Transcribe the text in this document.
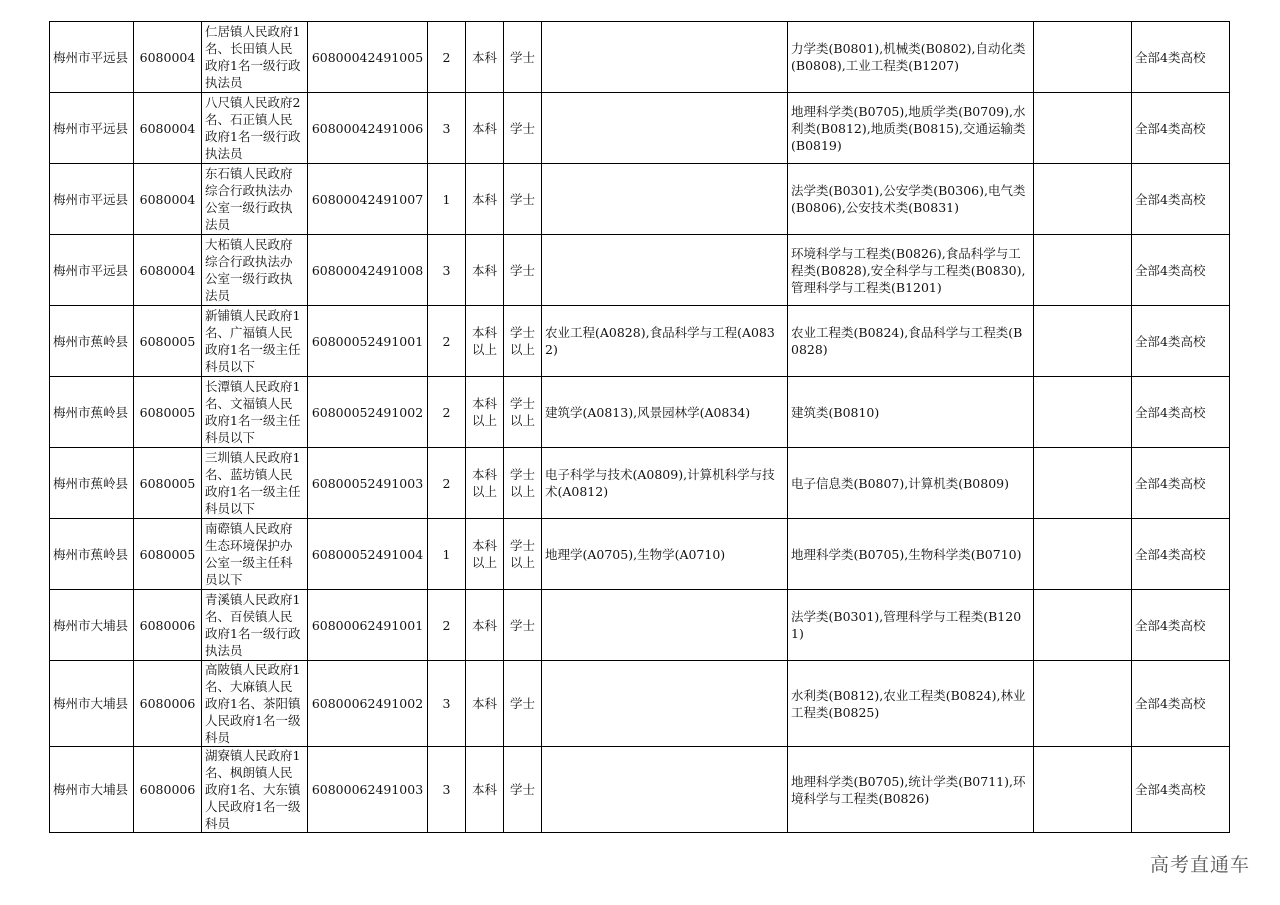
梅州市平远县	6080004	仁居镇人民政府1名、长田镇人民政府1名一级行政执法员	60800042491005	2	本科	学士		力学类(B0801),机械类(B0802),自动化类(B0808),工业工程类(B1207)		全部4类高校
梅州市平远县	6080004	八尺镇人民政府2名、石正镇人民政府1名一级行政执法员	60800042491006	3	本科	学士		地理科学类(B0705),地质学类(B0709),水利类(B0812),地质类(B0815),交通运输类(B0819)		全部4类高校
梅州市平远县	6080004	东石镇人民政府综合行政执法办公室一级行政执法员	60800042491007	1	本科	学士		法学类(B0301),公安学类(B0306),电气类(B0806),公安技术类(B0831)		全部4类高校
梅州市平远县	6080004	大柘镇人民政府综合行政执法办公室一级行政执法员	60800042491008	3	本科	学士		环境科学与工程类(B0826),食品科学与工程类(B0828),安全科学与工程类(B0830),管理科学与工程类(B1201)		全部4类高校
梅州市蕉岭县	6080005	新铺镇人民政府1名、广福镇人民政府1名一级主任科员以下	60800052491001	2	本科以上	学士以上	农业工程(A0828),食品科学与工程(A0832)	农业工程类(B0824),食品科学与工程类(B0828)		全部4类高校
梅州市蕉岭县	6080005	长潭镇人民政府1名、文福镇人民政府1名一级主任科员以下	60800052491002	2	本科以上	学士以上	建筑学(A0813),风景园林学(A0834)	建筑类(B0810)		全部4类高校
梅州市蕉岭县	6080005	三圳镇人民政府1名、蓝坊镇人民政府1名一级主任科员以下	60800052491003	2	本科以上	学士以上	电子科学与技术(A0809),计算机科学与技术(A0812)	电子信息类(B0807),计算机类(B0809)		全部4类高校
梅州市蕉岭县	6080005	南磜镇人民政府生态环境保护办公室一级主任科员以下	60800052491004	1	本科以上	学士以上	地理学(A0705),生物学(A0710)	地理科学类(B0705),生物科学类(B0710)		全部4类高校
梅州市大埔县	6080006	青溪镇人民政府1名、百侯镇人民政府1名一级行政执法员	60800062491001	2	本科	学士		法学类(B0301),管理科学与工程类(B1201)		全部4类高校
梅州市大埔县	6080006	高陂镇人民政府1名、大麻镇人民政府1名、茶阳镇人民政府1名一级科员	60800062491002	3	本科	学士		水利类(B0812),农业工程类(B0824),林业工程类(B0825)		全部4类高校
梅州市大埔县	6080006	湖寮镇人民政府1名、枫朗镇人民政府1名、大东镇人民政府1名一级科员	60800062491003	3	本科	学士		地理科学类(B0705),统计学类(B0711),环境科学与工程类(B0826)		全部4类高校
高考直通车
